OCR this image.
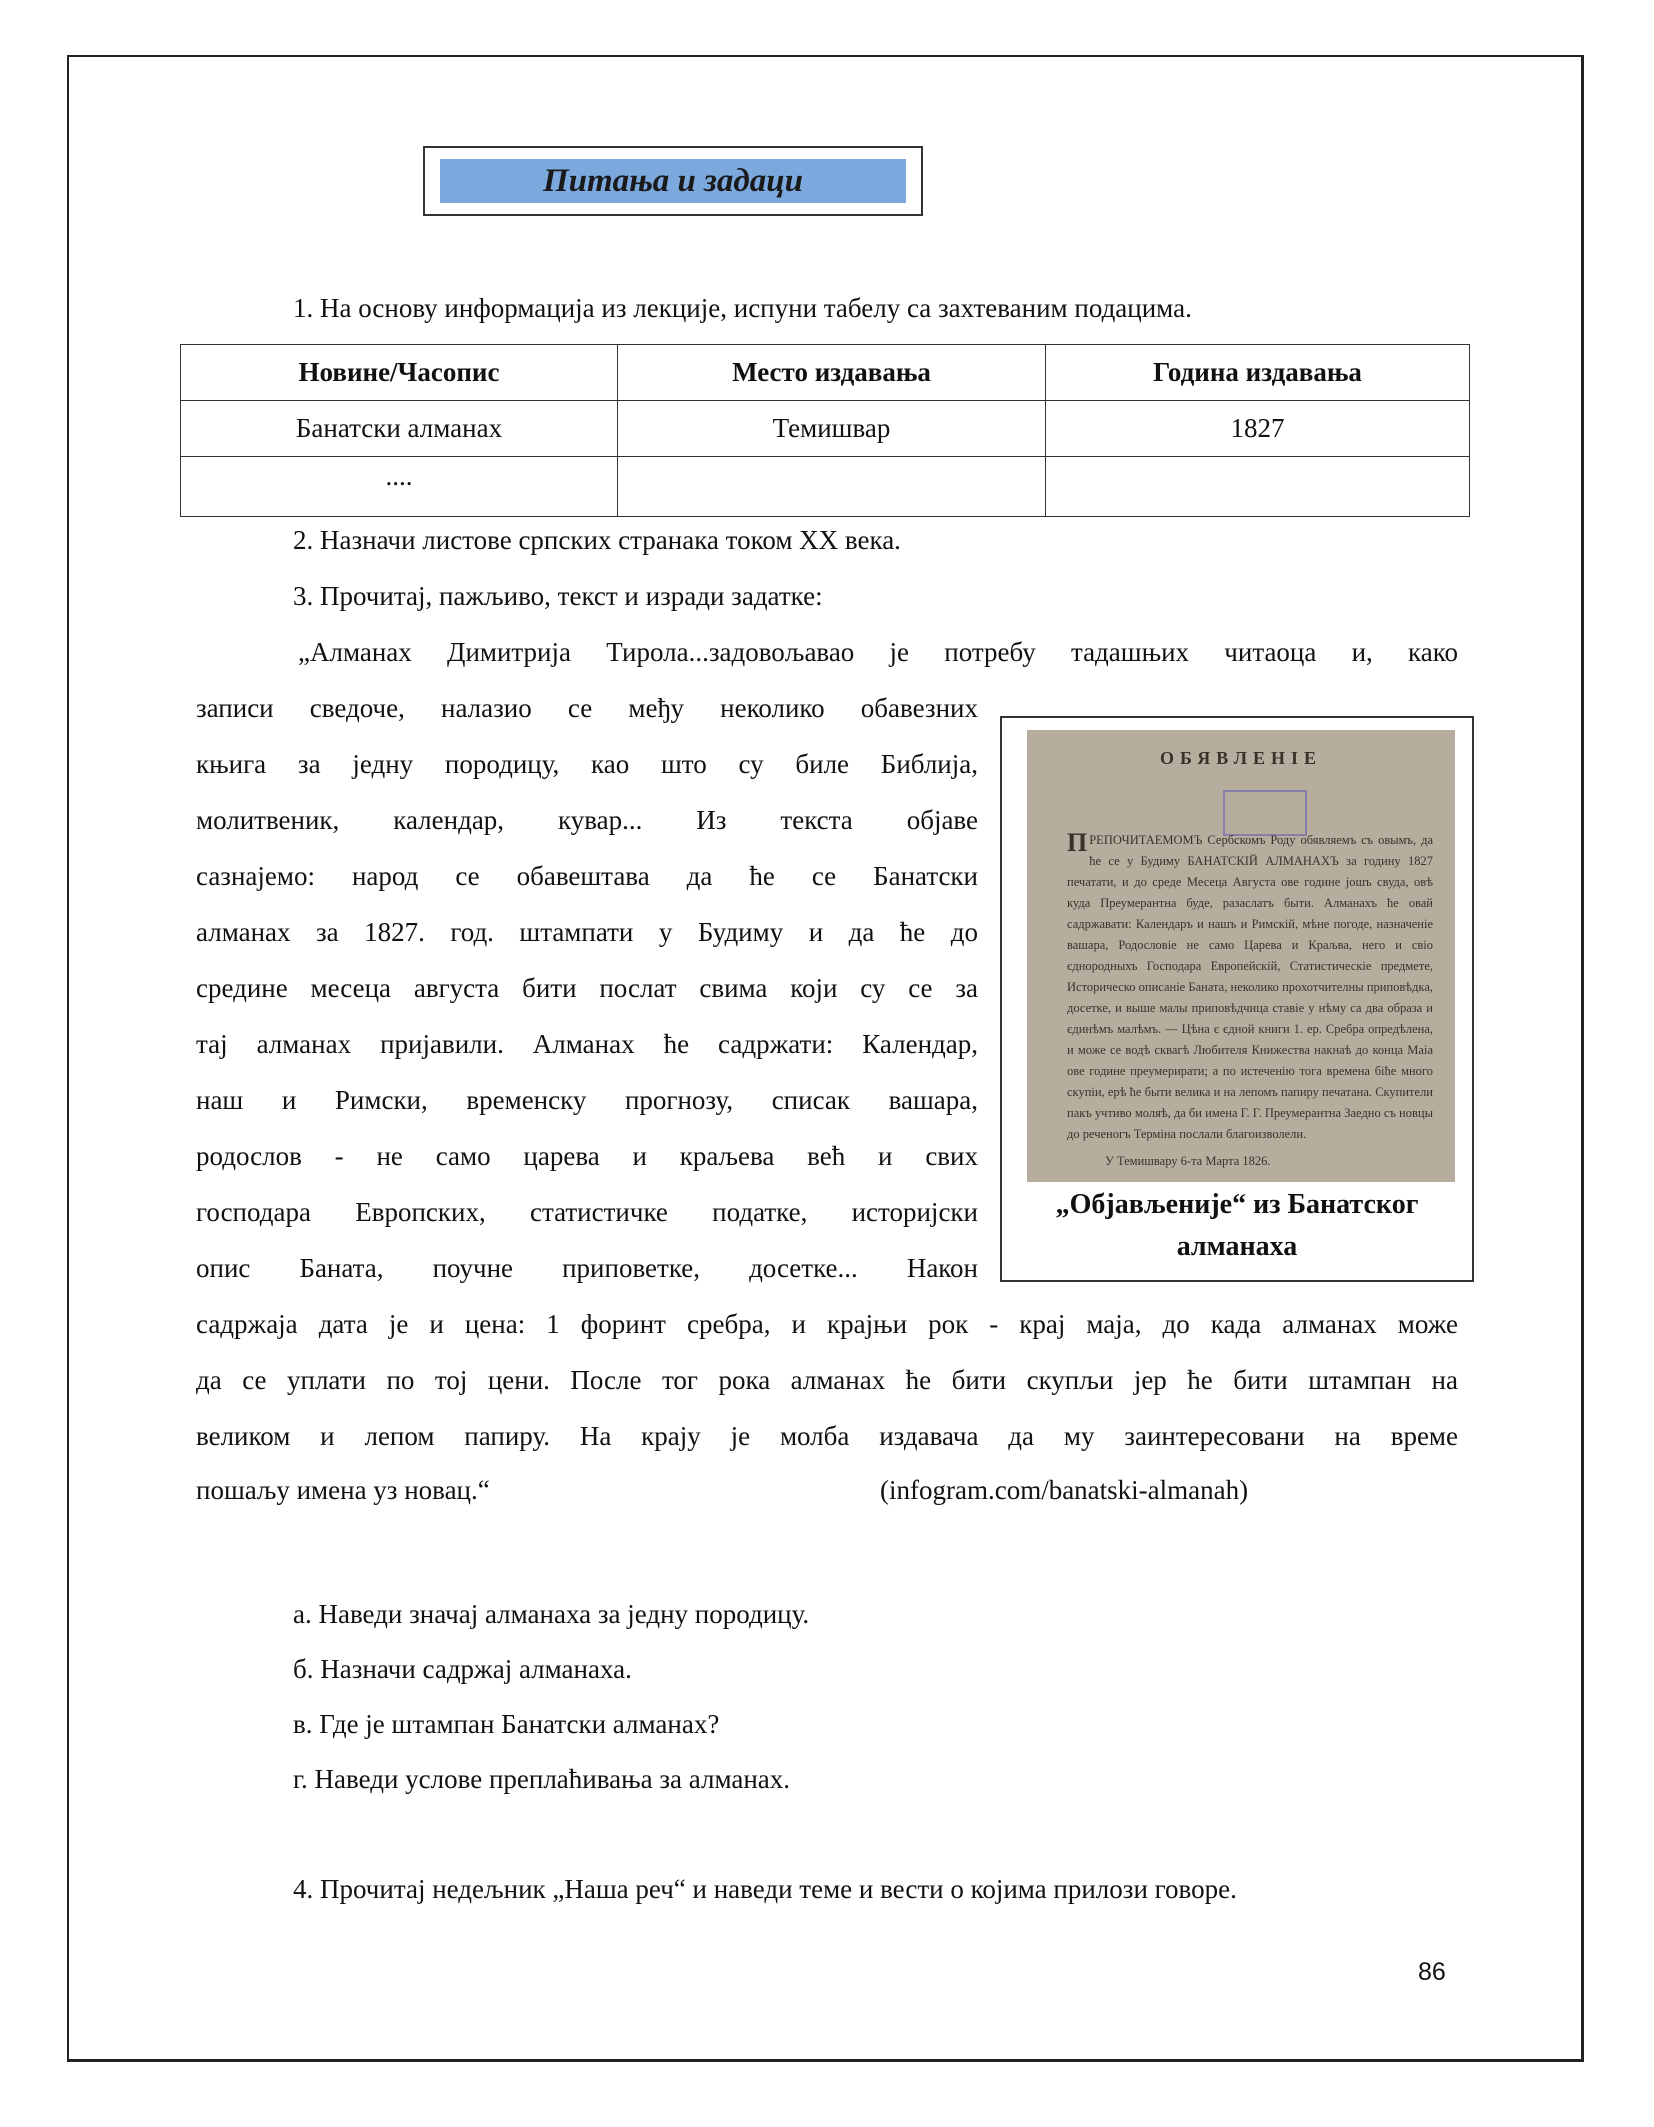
Питања и задаци
1. На основу информација из лекције, испуни табелу са захтеваним подацима.
Новине/Часопис	Место издавања	Година издавања
Банатски алманах	Темишвар	1827
....		
2. Назначи листове српских странака током XX века.
3. Прочитај, пажљиво, текст и изради задатке:
„Алманах Димитрија Тирола...задовољавао је потребу тадашњих читаоца и, како
записи сведоче, налазио се међу неколико обавезних
књига за једну породицу, као што су биле Библија,
молитвеник, календар, кувар... Из текста објаве
сазнајемо: народ се обавештава да ће се Банатски
алманах за 1827. год. штампати у Будиму и да ће до
средине месеца августа бити послат свима који су се за
тај алманах пријавили. Алманах ће садржати: Календар,
наш и Римски, временску прогнозу, списак вашара,
родослов - не само царева и краљева већ и свих
господара Европских, статистичке податке, историјски
опис Баната, поучне приповетке, досетке... Након
ОБЯВЛЕНIЕ
ПРЕПОЧИТАЕМОМЪ Сербскомъ Роду обявляемъ съ овымъ, да ће се у Будиму БАНАТСКIЙ АЛМАНАХЪ за годину 1827 печатати, и до среде Месеца Августа ове године јошъ свуда, овѣ куда Преумерантна буде, разаслатъ быти. Алманахъ ће овай садржавати: Календаръ и нашъ и Римскiй, мѣне погоде, назначенiе вашара, Родословiе не само Царева и Краљва, него и свiо єднородныхъ Господара Европейскiй, Статистическiе предмете, Историческо описанiе Баната, неколико прохотчителны приповѣдка, досетке, и выше малы приповѣдчица ставiе у нѣму са два образа и єдинѣмъ малѣмъ. — Цѣна є єдной книги 1. ер. Сребра опредѣлена, и може се водѣ сквагѣ Любителя Книжества накнаѣ до конца Маia ове године преумерирати; а по истеченiю тога времена бiће много скупiи, ерѣ ће быти велика и на лепомъ папиру печатана. Скупители пакъ учтиво моляѣ, да би имена Г. Г. Преумерантна Заедно съ новцы до реченогъ Термiна послали благоизволели.
У Темишвару 6-та Марта 1826.
„Објављеније“ из Банатског
алманаха
садржаја дата је и цена: 1 форинт сребра, и крајњи рок - крај маја, до када алманах може
да се уплати по тој цени. После тог рока алманах ће бити скупљи јер ће бити штампан на
великом и лепом папиру. На крају је молба издавача да му заинтересовани на време
пошаљу имена уз новац.“	(infogram.com/banatski-almanah)
а. Наведи значај алманаха за једну породицу.
б. Назначи садржај алманаха.
в. Где је штампан Банатски алманах?
г. Наведи услове преплаћивања за алманах.
4. Прочитај недељник „Наша реч“ и наведи теме и вести о којима прилози говоре.
86
